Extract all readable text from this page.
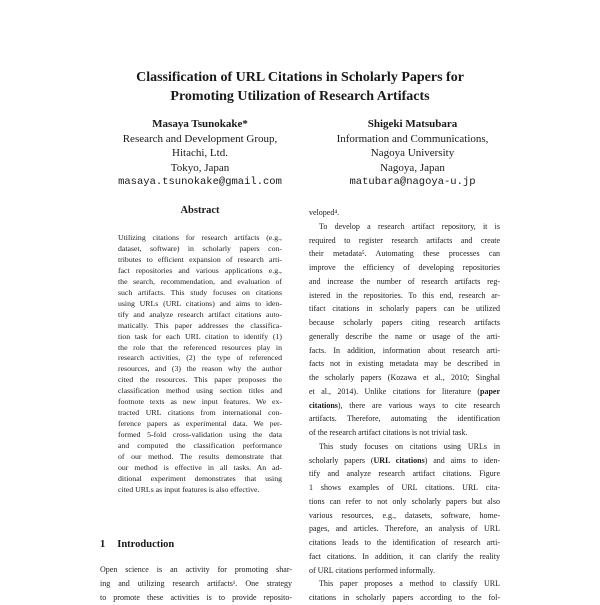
Classification of URL Citations in Scholarly Papers for
Promoting Utilization of Research Artifacts
Masaya Tsunokake*
Research and Development Group,
Hitachi, Ltd.
Tokyo, Japan
masaya.tsunokake@gmail.com
Shigeki Matsubara
Information and Communications,
Nagoya University
Nagoya, Japan
matubara@nagoya-u.jp
Abstract
Utilizing citations for research artifacts (e.g.,
dataset, software) in scholarly papers con-
tributes to efficient expansion of research arti-
fact repositories and various applications e.g.,
the search, recommendation, and evaluation of
such artifacts. This study focuses on citations
using URLs (URL citations) and aims to iden-
tify and analyze research artifact citations auto-
matically. This paper addresses the classifica-
tion task for each URL citation to identify (1)
the role that the referenced resources play in
research activities, (2) the type of referenced
resources, and (3) the reason why the author
cited the resources. This paper proposes the
classification method using section titles and
footnote texts as new input features. We ex-
tracted URL citations from international con-
ference papers as experimental data. We per-
formed 5-fold cross-validation using the data
and computed the classification performance
of our method. The results demonstrate that
our method is effective in all tasks. An ad-
ditional experiment demonstrates that using
cited URLs as input features is also effective.
1 Introduction
Open science is an activity for promoting shar-
ing and utilizing research artifacts¹. One strategy
to promote these activities is to provide reposito-
veloped⁴.
To develop a research artifact repository, it is
required to register research artifacts and create
their metadata⁵. Automating these processes can
improve the efficiency of developing repositories
and increase the number of research artifacts reg-
istered in the repositories. To this end, research ar-
tifact citations in scholarly papers can be utilized
because scholarly papers citing research artifacts
generally describe the name or usage of the arti-
facts. In addition, information about research arti-
facts not in existing metadata may be described in
the scholarly papers (Kozawa et al., 2010; Singhal
et al., 2014). Unlike citations for literature (paper
citations), there are various ways to cite research
artifacts. Therefore, automating the identification
of the research artifact citations is not trivial task.
This study focuses on citations using URLs in
scholarly papers (URL citations) and aims to iden-
tify and analyze research artifact citations. Figure
1 shows examples of URL citations. URL cita-
tions can refer to not only scholarly papers but also
various resources, e.g., datasets, software, home-
pages, and articles. Therefore, an analysis of URL
citations leads to the identification of research arti-
fact citations. In addition, it can clarify the reality
of URL citations performed informally.
This paper proposes a method to classify URL
citations in scholarly papers according to the fol-
